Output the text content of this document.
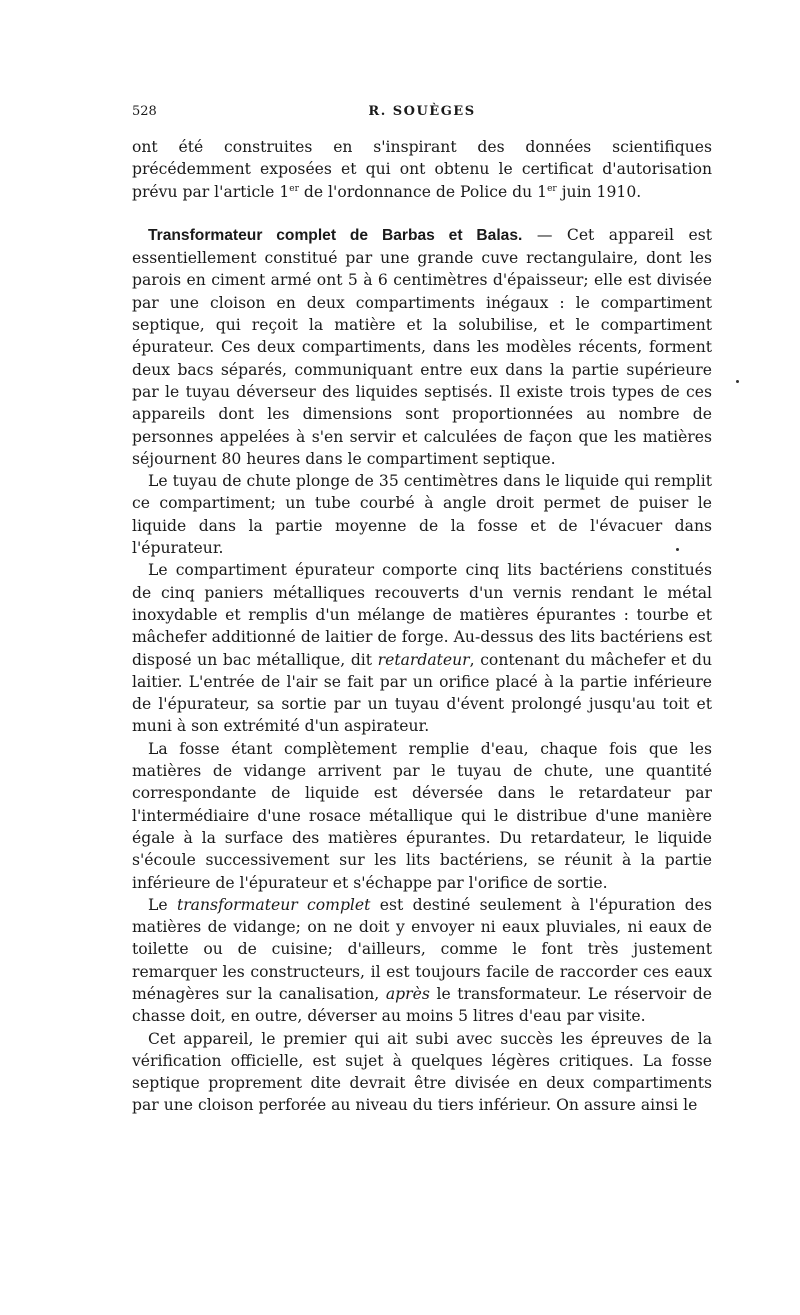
528	R. SOUÈGES

ont été construites en s'inspirant des données scientifiques précédemment exposées et qui ont obtenu le certificat d'autorisation prévu par l'article 1er de l'ordonnance de Police du 1er juin 1910.

Transformateur complet de Barbas et Balas. — Cet appareil est essentiellement constitué par une grande cuve rectangulaire, dont les parois en ciment armé ont 5 à 6 centimètres d'épaisseur; elle est divisée par une cloison en deux compartiments inégaux : le compartiment septique, qui reçoit la matière et la solubilise, et le compartiment épurateur. Ces deux compartiments, dans les modèles récents, forment deux bacs séparés, communiquant entre eux dans la partie supérieure par le tuyau déverseur des liquides septisés. Il existe trois types de ces appareils dont les dimensions sont proportionnées au nombre de personnes appelées à s'en servir et calculées de façon que les matières séjournent 80 heures dans le compartiment septique.

Le tuyau de chute plonge de 35 centimètres dans le liquide qui remplit ce compartiment; un tube courbé à angle droit permet de puiser le liquide dans la partie moyenne de la fosse et de l'évacuer dans l'épurateur.

Le compartiment épurateur comporte cinq lits bactériens constitués de cinq paniers métalliques recouverts d'un vernis rendant le métal inoxydable et remplis d'un mélange de matières épurantes : tourbe et mâchefer additionné de laitier de forge. Au-dessus des lits bactériens est disposé un bac métallique, dit retardateur, contenant du mâchefer et du laitier. L'entrée de l'air se fait par un orifice placé à la partie inférieure de l'épurateur, sa sortie par un tuyau d'évent prolongé jusqu'au toit et muni à son extrémité d'un aspirateur.

La fosse étant complètement remplie d'eau, chaque fois que les matières de vidange arrivent par le tuyau de chute, une quantité correspondante de liquide est déversée dans le retardateur par l'intermédiaire d'une rosace métallique qui le distribue d'une manière égale à la surface des matières épurantes. Du retardateur, le liquide s'écoule successivement sur les lits bactériens, se réunit à la partie inférieure de l'épurateur et s'échappe par l'orifice de sortie.

Le transformateur complet est destiné seulement à l'épuration des matières de vidange; on ne doit y envoyer ni eaux pluviales, ni eaux de toilette ou de cuisine; d'ailleurs, comme le font très justement remarquer les constructeurs, il est toujours facile de raccorder ces eaux ménagères sur la canalisation, après le transformateur. Le réservoir de chasse doit, en outre, déverser au moins 5 litres d'eau par visite.

Cet appareil, le premier qui ait subi avec succès les épreuves de la vérification officielle, est sujet à quelques légères critiques. La fosse septique proprement dite devrait être divisée en deux compartiments par une cloison perforée au niveau du tiers inférieur. On assure ainsi le
